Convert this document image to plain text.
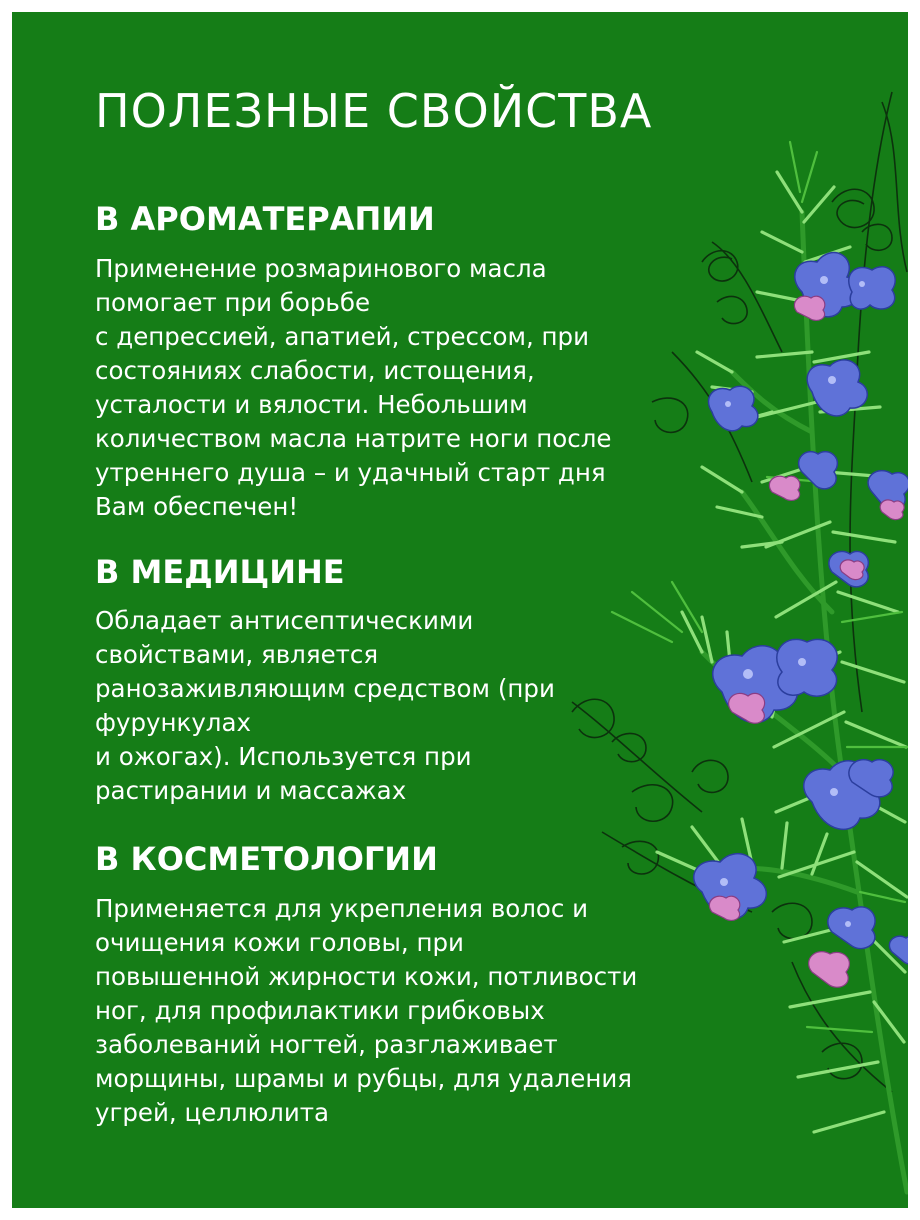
ПОЛЕЗНЫЕ СВОЙСТВА
В АРОМАТЕРАПИИ

Применение розмаринового масла
помогает при борьбе
с депрессией, апатией, стрессом, при
состояниях слабости, истощения,
усталости и вялости. Небольшим
количеством масла натрите ноги после
утреннего душа – и удачный старт дня
Вам обеспечен!

В МЕДИЦИНЕ

Обладает антисептическими
свойствами, является
ранозаживляющим средством (при
фурункулах
и ожогах). Используется при
растирании и массажах

В КОСМЕТОЛОГИИ

Применяется для укрепления волос и
очищения кожи головы, при
повышенной жирности кожи, потливости
ног, для профилактики грибковых
заболеваний ногтей, разглаживает
морщины, шрамы и рубцы, для удаления
угрей, целлюлита
